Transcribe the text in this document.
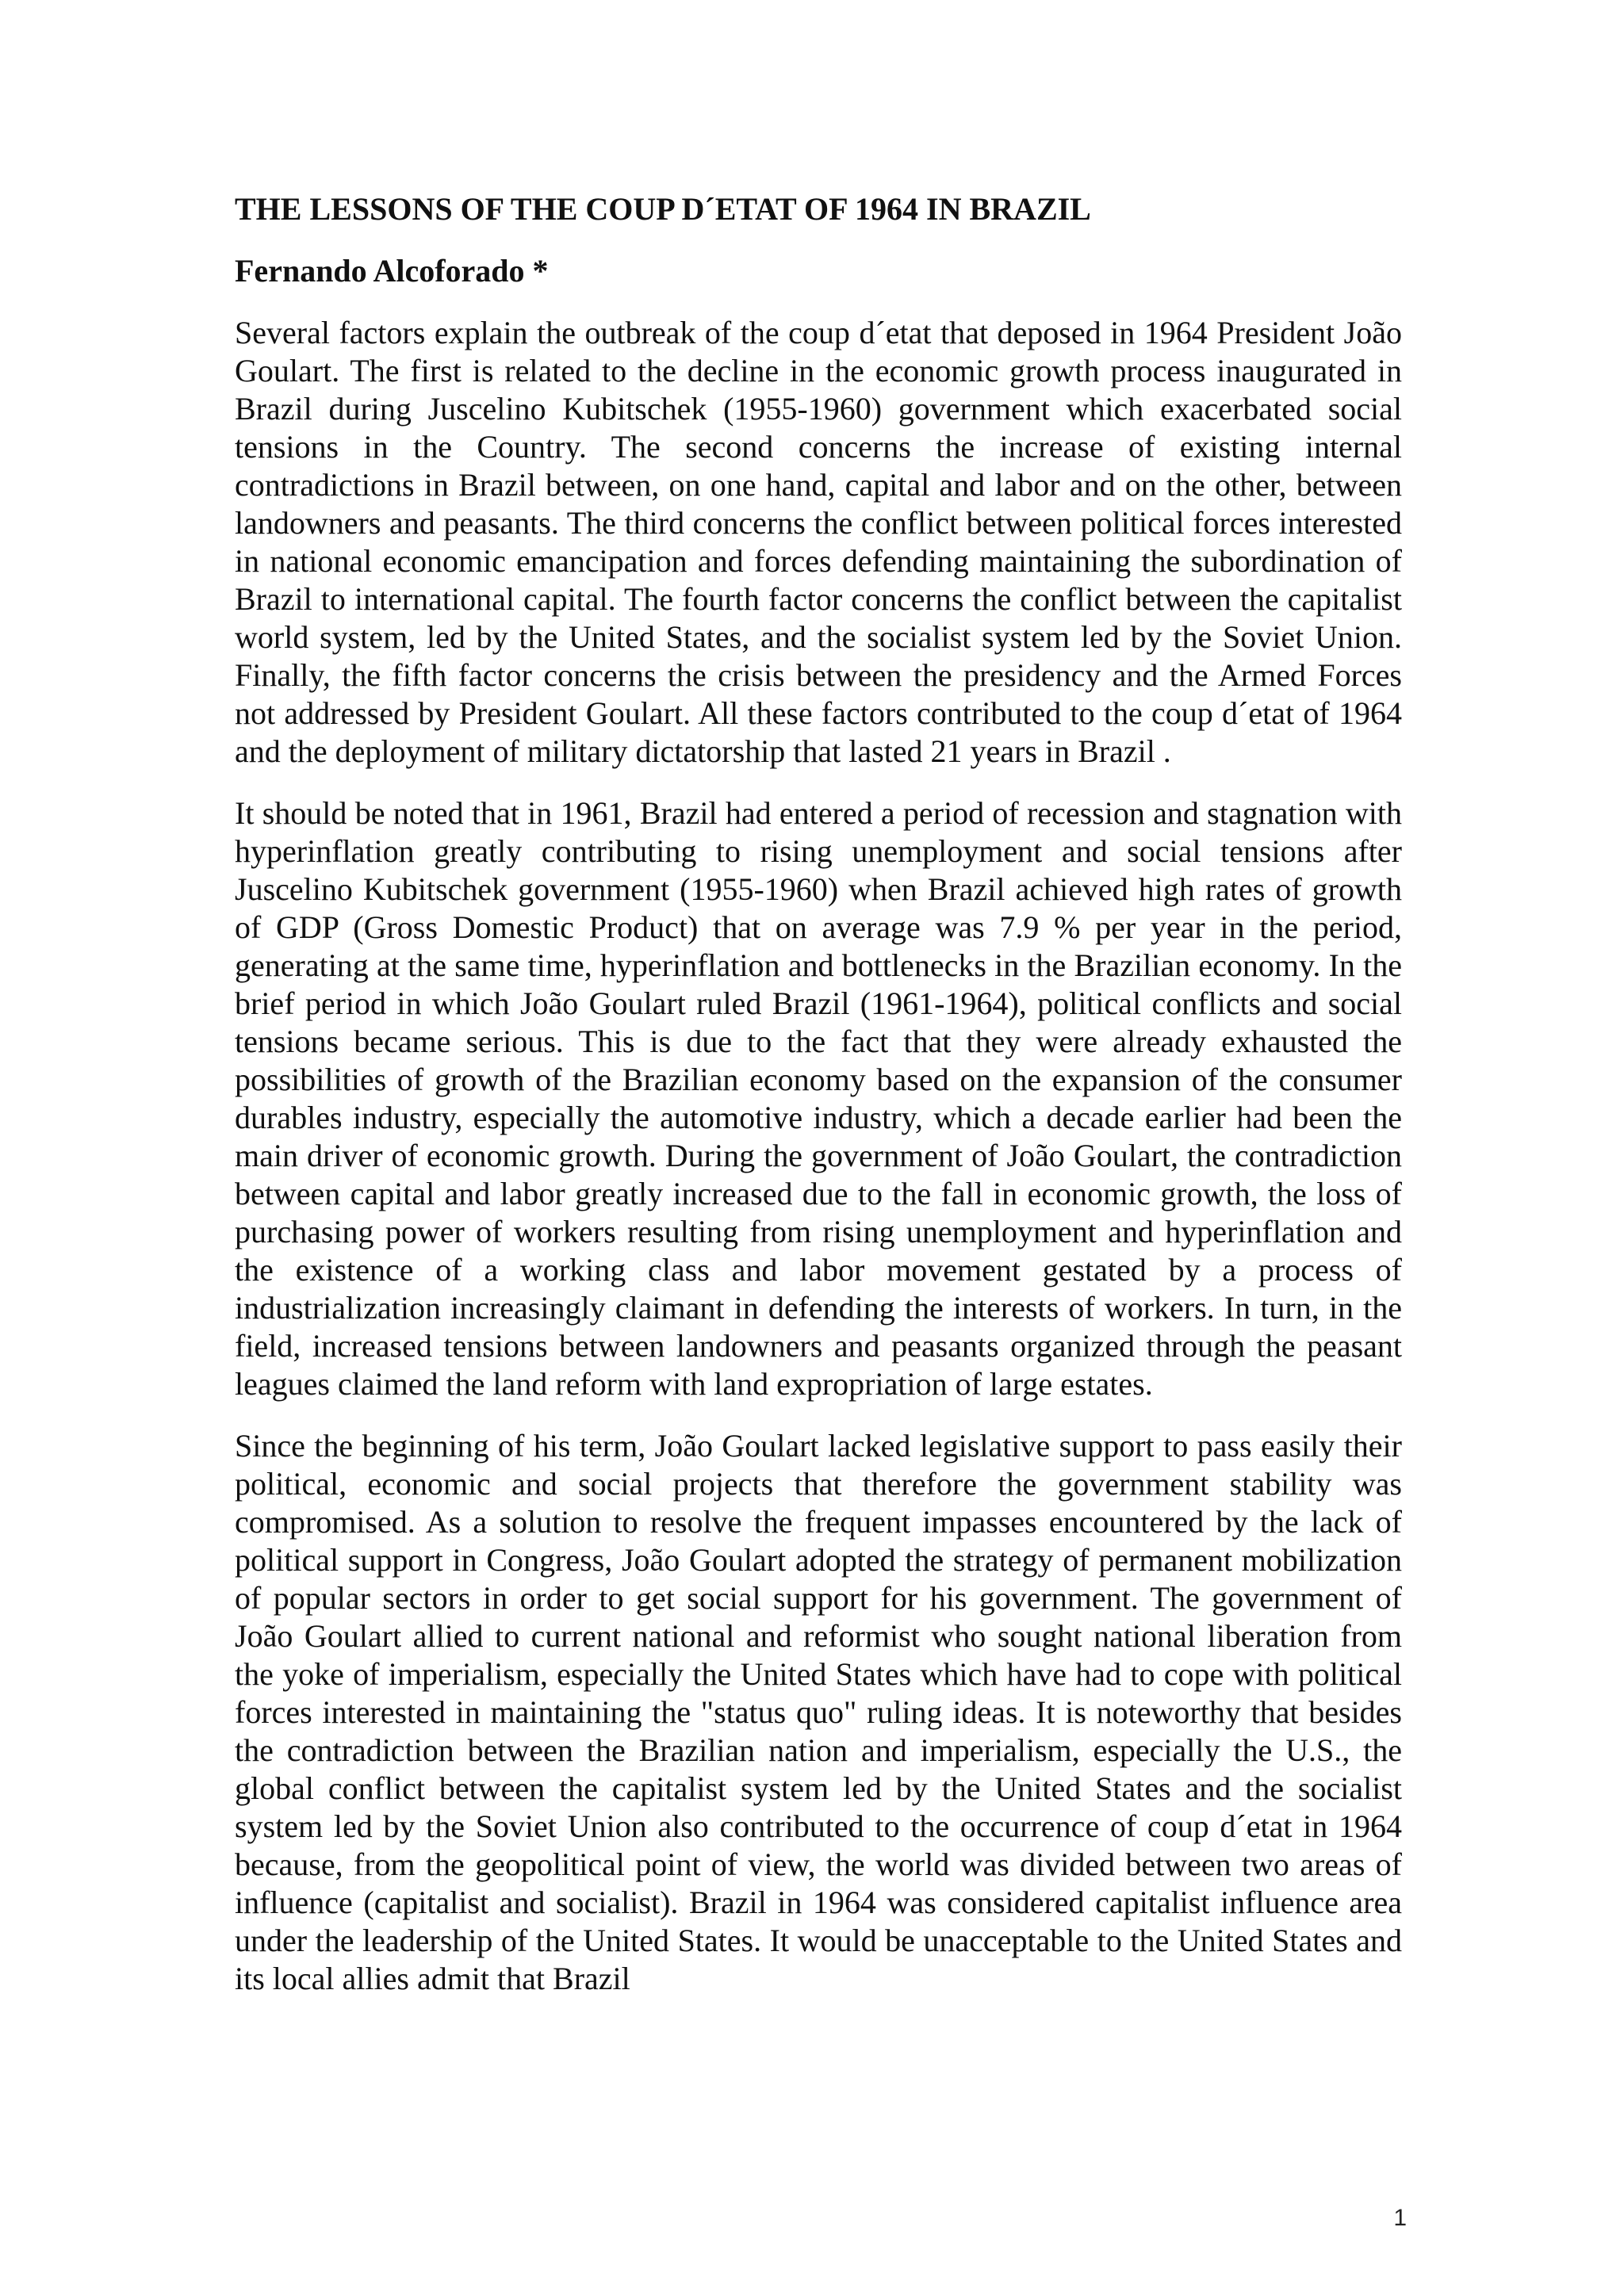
THE LESSONS OF THE COUP D´ETAT OF 1964 IN BRAZIL

Fernando Alcoforado *

Several factors explain the outbreak of the coup d´etat that deposed in 1964 President João Goulart. The first is related to the decline in the economic growth process inaugurated in Brazil during Juscelino Kubitschek (1955-1960) government which exacerbated social tensions in the Country. The second concerns the increase of existing internal contradictions in Brazil between, on one hand, capital and labor and on the other, between landowners and peasants. The third concerns the conflict between political forces interested in national economic emancipation and forces defending maintaining the subordination of Brazil to international capital. The fourth factor concerns the conflict between the capitalist world system, led by the United States, and the socialist system led by the Soviet Union. Finally, the fifth factor concerns the crisis between the presidency and the Armed Forces not addressed by President Goulart. All these factors contributed to the coup d´etat of 1964 and the deployment of military dictatorship that lasted 21 years in Brazil .

It should be noted that in 1961, Brazil had entered a period of recession and stagnation with hyperinflation greatly contributing to rising unemployment and social tensions after Juscelino Kubitschek government (1955-1960) when Brazil achieved high rates of growth of GDP (Gross Domestic Product) that on average was 7.9 % per year in the period, generating at the same time, hyperinflation and bottlenecks in the Brazilian economy. In the brief period in which João Goulart ruled Brazil (1961-1964), political conflicts and social tensions became serious. This is due to the fact that they were already exhausted the possibilities of growth of the Brazilian economy based on the expansion of the consumer durables industry, especially the automotive industry, which a decade earlier had been the main driver of economic growth. During the government of João Goulart, the contradiction between capital and labor greatly increased due to the fall in economic growth, the loss of purchasing power of workers resulting from rising unemployment and hyperinflation and the existence of a working class and labor movement gestated by a process of industrialization increasingly claimant in defending the interests of workers. In turn, in the field, increased tensions between landowners and peasants organized through the peasant leagues claimed the land reform with land expropriation of large estates.

Since the beginning of his term, João Goulart lacked legislative support to pass easily their political, economic and social projects that therefore the government stability was compromised. As a solution to resolve the frequent impasses encountered by the lack of political support in Congress, João Goulart adopted the strategy of permanent mobilization of popular sectors in order to get social support for his government. The government of João Goulart allied to current national and reformist who sought national liberation from the yoke of imperialism, especially the United States which have had to cope with political forces interested in maintaining the "status quo" ruling ideas. It is noteworthy that besides the contradiction between the Brazilian nation and imperialism, especially the U.S., the global conflict between the capitalist system led by the United States and the socialist system led by the Soviet Union also contributed to the occurrence of coup d´etat in 1964 because, from the geopolitical point of view, the world was divided between two areas of influence (capitalist and socialist). Brazil in 1964 was considered capitalist influence area under the leadership of the United States. It would be unacceptable to the United States and its local allies admit that Brazil

1
